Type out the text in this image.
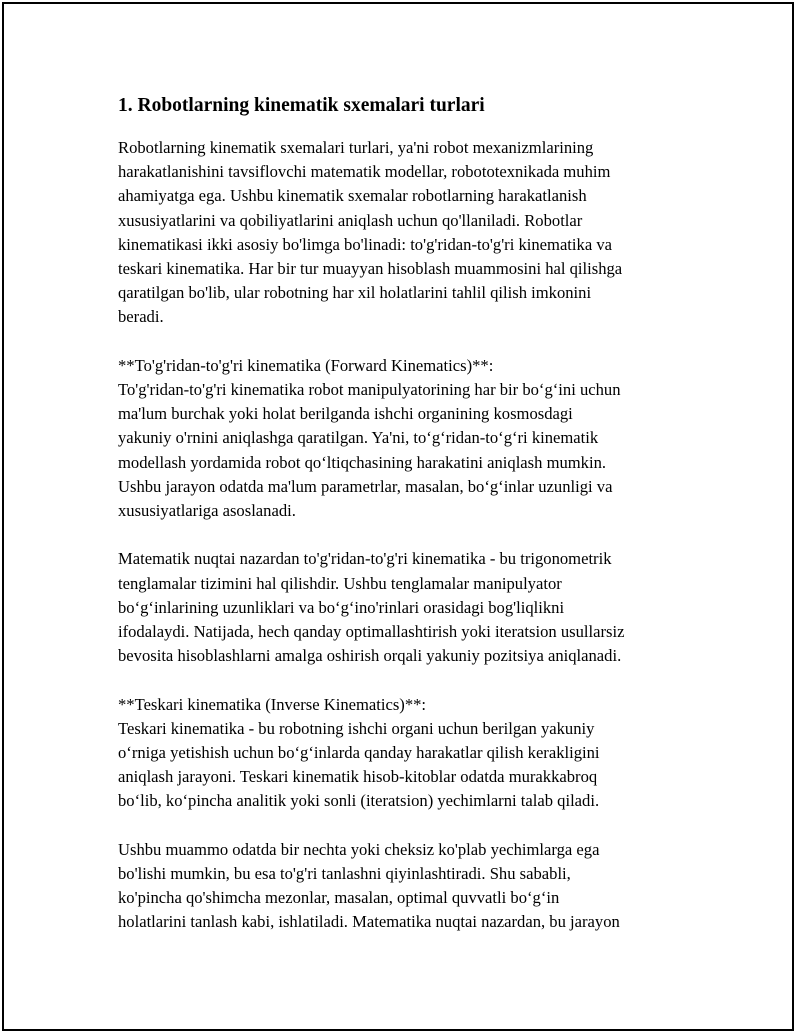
1. Robotlarning kinematik sxemalari turlari

Robotlarning kinematik sxemalari turlari, ya'ni robot mexanizmlarining
harakatlanishini tavsiflovchi matematik modellar, robototexnikada muhim
ahamiyatga ega. Ushbu kinematik sxemalar robotlarning harakatlanish
xususiyatlarini va qobiliyatlarini aniqlash uchun qo'llaniladi. Robotlar
kinematikasi ikki asosiy bo'limga bo'linadi: to'g'ridan-to'g'ri kinematika va
teskari kinematika. Har bir tur muayyan hisoblash muammosini hal qilishga
qaratilgan bo'lib, ular robotning har xil holatlarini tahlil qilish imkonini
beradi.

**To'g'ridan-to'g'ri kinematika (Forward Kinematics)**:
To'g'ridan-to'g'ri kinematika robot manipulyatorining har bir bo‘g‘ini uchun
ma'lum burchak yoki holat berilganda ishchi organining kosmosdagi
yakuniy o'rnini aniqlashga qaratilgan. Ya'ni, to‘g‘ridan-to‘g‘ri kinematik
modellash yordamida robot qo‘ltiqchasining harakatini aniqlash mumkin.
Ushbu jarayon odatda ma'lum parametrlar, masalan, bo‘g‘inlar uzunligi va
xususiyatlariga asoslanadi.

Matematik nuqtai nazardan to'g'ridan-to'g'ri kinematika - bu trigonometrik
tenglamalar tizimini hal qilishdir. Ushbu tenglamalar manipulyator
bo‘g‘inlarining uzunliklari va bo‘g‘ino'rinlari orasidagi bog'liqlikni
ifodalaydi. Natijada, hech qanday optimallashtirish yoki iteratsion usullarsiz
bevosita hisoblashlarni amalga oshirish orqali yakuniy pozitsiya aniqlanadi.

**Teskari kinematika (Inverse Kinematics)**:
Teskari kinematika - bu robotning ishchi organi uchun berilgan yakuniy
o‘rniga yetishish uchun bo‘g‘inlarda qanday harakatlar qilish kerakligini
aniqlash jarayoni. Teskari kinematik hisob-kitoblar odatda murakkabroq
bo‘lib, ko‘pincha analitik yoki sonli (iteratsion) yechimlarni talab qiladi.

Ushbu muammo odatda bir nechta yoki cheksiz ko'plab yechimlarga ega
bo'lishi mumkin, bu esa to'g'ri tanlashni qiyinlashtiradi. Shu sababli,
ko'pincha qo'shimcha mezonlar, masalan, optimal quvvatli bo‘g‘in
holatlarini tanlash kabi, ishlatiladi. Matematika nuqtai nazardan, bu jarayon
